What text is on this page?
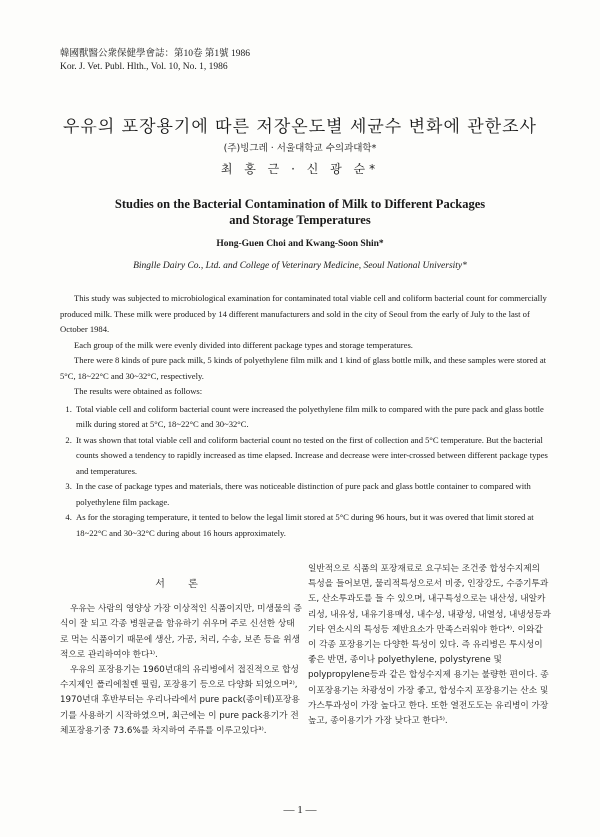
韓國獸醫公衆保健學會誌：第10卷 第1號 1986
Kor. J. Vet. Publ. Hlth., Vol. 10, No. 1, 1986
우유의 포장용기에 따른 저장온도별 세균수 변화에 관한조사
(주)빙그레 · 서울대학교 수의과대학*
최 홍 근 · 신 광 순*
Studies on the Bacterial Contamination of Milk to Different Packages
and Storage Temperatures
Hong-Guen Choi and Kwang-Soon Shin*
Binglle Dairy Co., Ltd. and College of Veterinary Medicine, Seoul National University*

This study was subjected to microbiological examination for contaminated total viable cell and coliform bacterial count for commercially produced milk. These milk were produced by 14 different manufacturers and sold in the city of Seoul from the early of July to the last of October 1984.

Each group of the milk were evenly divided into different package types and storage temperatures.

There were 8 kinds of pure pack milk, 5 kinds of polyethylene film milk and 1 kind of glass bottle milk, and these samples were stored at 5°C, 18~22°C and 30~32°C, respectively.

The results were obtained as follows:

1. Total viable cell and coliform bacterial count were increased the polyethylene film milk to compared with the pure pack and glass bottle milk during stored at 5°C, 18~22°C and 30~32°C.
2. It was shown that total viable cell and coliform bacterial count no tested on the first of collection and 5°C temperature. But the bacterial counts showed a tendency to rapidly increased as time elapsed. Increase and decrease were inter-crossed between different package types and temperatures.
3. In the case of package types and materials, there was noticeable distinction of pure pack and glass bottle container to compared with polyethylene film package.
4. As for the storaging temperature, it tented to below the legal limit stored at 5°C during 96 hours, but it was overed that limit stored at 18~22°C and 30~32°C during about 16 hours approximately.
서 론

우유는 사람의 영양상 가장 이상적인 식품이지만, 미생물의 증식이 잘 되고 각종 병원균을 함유하기 쉬우며 주로 신선한 상태로 먹는 식품이기 때문에 생산, 가공, 처리, 수송, 보존 등을 위생적으로 관리하여야 한다¹⁾.

우유의 포장용기는 1960년대의 유리병에서 접진적으로 합성수지제인 폴리에칠렌 필림, 포장용기 등으로 다양화 되었으며²⁾, 1970년대 후반부터는 우리나라에서 pure pack(종이테)포장용기를 사용하기 시작하였으며, 최근에는 이 pure pack용기가 전체포장용기중 73.6%를 차지하여 주류를 이루고있다³⁾.

일반적으로 식품의 포장재료로 요구되는 조건중 합성수지제의 특성을 들어보면, 물리적특성으로서 비중, 인장강도, 수증기투과도, 산소투과도를 들 수 있으며, 내구특성으로는 내산성, 내알카리성, 내유성, 내유기용매성, 내수성, 내광성, 내열성, 내냉성등과 기타 연소시의 특성등 제반요소가 만족스러워야 한다⁴⁾. 이와같이 각종 포장용기는 다양한 특성이 있다. 즉 유리병은 투시성이 좋은 반면, 종이나 polyethylene, polystyrene 및 polypropylene등과 같은 합성수지제 용기는 불량한 편이다. 종이포장용기는 차광성이 가장 좋고, 합성수지 포장용기는 산소 및 가스투과성이 가장 높다고 한다. 또한 열전도도는 유리병이 가장 높고, 종이용기가 가장 낮다고 한다⁵⁾.

— 1 —
